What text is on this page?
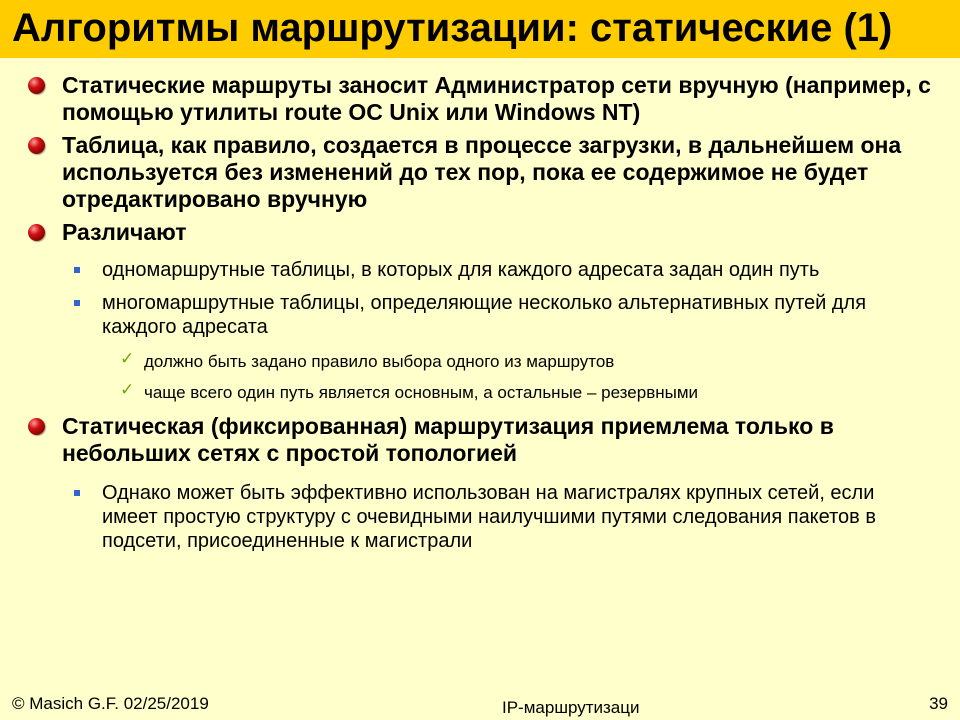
Алгоритмы маршрутизации: статические (1)
Статические маршруты заносит Администратор сети вручную (например, с помощью утилиты route ОС Unix или Windows NT)
Таблица, как правило, создается в процессе загрузки, в дальнейшем она используется без изменений до тех пор, пока ее содержимое не будет отредактировано вручную
Различают
одномаршрутные таблицы, в которых для каждого адресата задан один путь
многомаршрутные таблицы, определяющие несколько альтернативных путей для каждого адресата
✓ должно быть задано правило выбора одного из маршрутов
✓ чаще всего один путь является основным, а остальные – резервными
Статическая (фиксированная) маршрутизация приемлема только в небольших сетях с простой топологией
Однако может быть эффективно использован на магистралях крупных сетей, если имеет простую структуру с очевидными наилучшими путями следования пакетов в подсети, присоединенные к магистрали
© Masich G.F. 02/25/2019	IP-маршрутизаци	39
